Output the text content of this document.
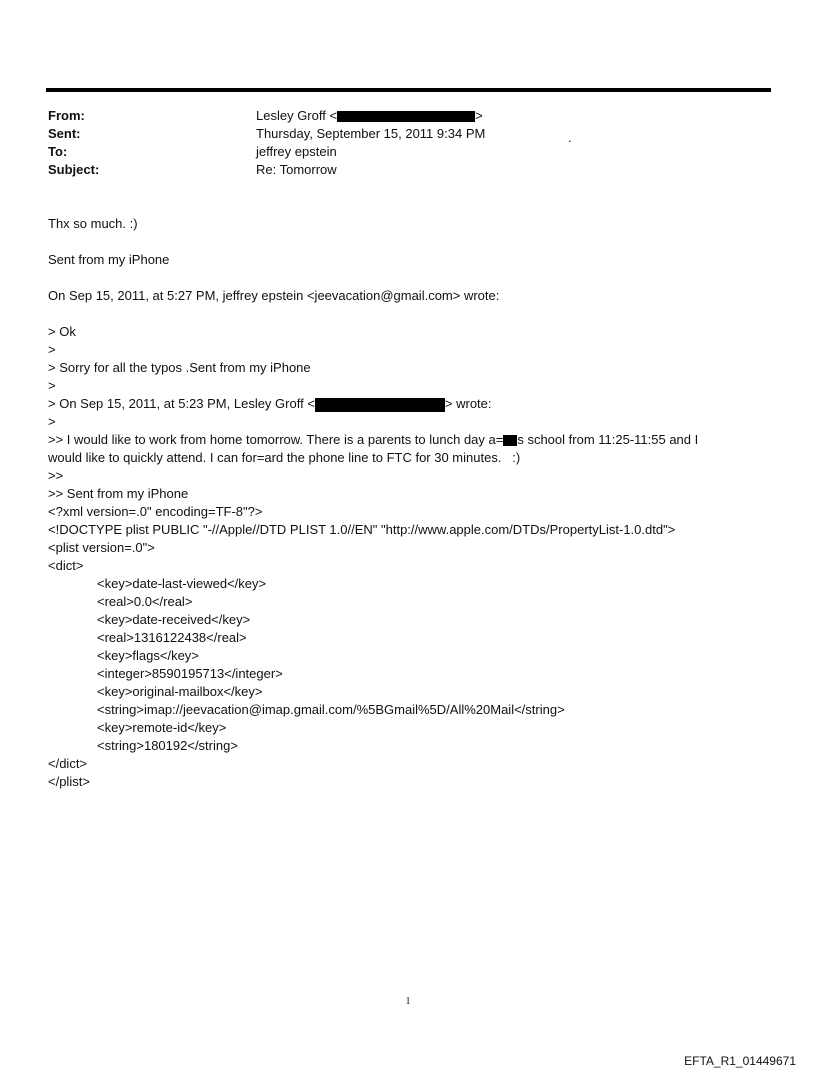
From:	Lesley Groff <	>
Sent:	Thursday, September 15, 2011 9:34 PM
To:	jeffrey epstein
Subject:	Re: Tomorrow
.
Thx so much. :)
Sent from my iPhone
On Sep 15, 2011, at 5:27 PM, jeffrey epstein <jeevacation@gmail.com> wrote:
> Ok
>
> Sorry for all the typos .Sent from my iPhone
>
> On Sep 15, 2011, at 5:23 PM, Lesley Groff <	> wrote:
>
>> I would like to work from home tomorrow. There is a parents to lunch day a= s school from 11:25-11:55 and I
would like to quickly attend. I can for=ard the phone line to FTC for 30 minutes.   :)
>>
>> Sent from my iPhone
<?xml version=.0" encoding=TF-8"?>
<!DOCTYPE plist PUBLIC "-//Apple//DTD PLIST 1.0//EN" "http://www.apple.com/DTDs/PropertyList-1.0.dtd">
<plist version=.0">
<dict>
<key>date-last-viewed</key>
<real>0.0</real>
<key>date-received</key>
<real>1316122438</real>
<key>flags</key>
<integer>8590195713</integer>
<key>original-mailbox</key>
<string>imap://jeevacation@imap.gmail.com/%5BGmail%5D/All%20Mail</string>
<key>remote-id</key>
<string>180192</string>
</dict>
</plist>
1
EFTA_R1_01449671
